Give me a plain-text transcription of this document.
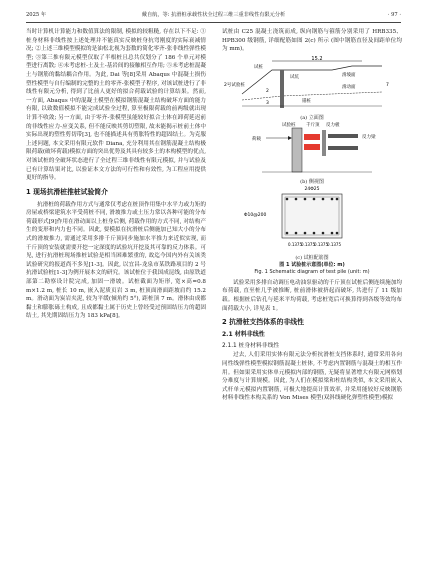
2025 年	戴自航，等: 抗滑桩承载性状全过程三维三重非线性有限元分析	· 97 ·

当时计算机计算能力和数值算法的限制, 模拟的较粗糙, 存在以下不足: ①桩身材料非线性按上述处理并不能真实反映桩身抗弯刚度的实际衰减情况; ②上述三维模型模拟的是油松北视为套数的简化零齐-张非线性弹性模型; ③第三推有限元模型仅取了半根桩且总共仅划分了 186 个单元对模型进行离散; ④未考虑桩-土及土-基岩间的接触相互作用; ⑤未考虑桩混凝土与钢筋的黏结耦合作用。为此, Dai 等[8]采用 Abaqus 中混凝土损伤塑性模型与自行编制的完整的土的零齐-张模型子程序, 对该试桩进行了非线性有限元分析, 得到了比前人更好的拟合荷载试验的计算结果。然而, 一方面, Abaqus 中的混凝土模型在模拟钢筋混凝土结构破坏方面的能力有限, 以致数值模拟不能完成试验全过程, 算至极限荷载的前两级就出现计算不收敛; 另一方面, 由于零齐-张模型虽能较好拟合土体在卸荷延迟前的非线性应力-应变关系, 但不能反映其剪切塑限, 故未能揭示桩前土体中实际出现的塑性剪切带[3], 也不能描述具有剪胀特性的超固结土。为克服上述问题, 本文采用有限元软件 Diana, 充分利用其在钢筋混凝土结构极限荷载(破坏荷载)模拟方面的突出优势及其具有较多土的本构模型的优点, 对该试桩的全破坏状态进行了全过程三维非线性有限元模拟, 并与试验及已有计算结果对比, 以验证本文方法的可行性和有效性, 为工程应用提供更好的指导。

1 现场抗滑桩推桩试验简介

抗滑桩的荷载作用方式与通常仅考虑在桩顶作用集中水平力或力矩的房屋或桥梁建筑水平受荷桩不同, 滑坡推力或土压力常以各种可能的分布荷载形式[9]作用在滑动面以上桩身后侧, 荷载作用的方式不同, 对结构产生的变形和内力也不同。因此, 要模拟在抗滑桩后侧施加已知大小的分布式的滑坡推力, 需通过采用多排千斤顶同步施加水平推力来近似实现, 而千斤顶的安装就需要开挖一定深度的试验坑开挖及其可靠的反力体系。可见, 进行抗滑桩现场推桩试验是相当困难繁重的, 故迄今国内外有关该类试验研究的报道尚不多见[1-3]。因此, 以宜昌-龙泉市某铁路项目的 2 号抗滑试验桩[1-3]为例开展本文的研究。该试桩位于我国成昆线, 由原铁道部第二勘察设计院完成, 加固一滑坡。试桩截面为矩形, 宽×高=0.8 m×1.2 m, 桩长 10 m, 嵌入泥质页岩 3 m, 桩顶面滑面距坡肩约 15.2 m。滑动面为炭岩夹泥, 较为平缓(倾角约 5°), 距桩顶 7 m。滑体由成都黏土和膨胀砾土构成, 且成都黏土属于历史上曾经受过预固结压力的超固结土, 其先期固结压力为 183 kPa[8]。

试桩由 C25 混凝土浇筑而成, 纵向钢筋与箍筋分别采用了 HRB335、HPB300 级钢筋, 详细配筋如图 2(c) 所示 (图中钢筋直径及间距单位均为 mm)。

15.2
试桩
滑坡面
滑动面
2号试验桩
试坑
锚桩
2
3
7
(a) 立面图
荷载
试验桩 千斤顶 反力板
反力梁
(b) 侧视图
24Φ25
Φ10@200
0.1375 0.1375 0.1375 0.1375
(c) 试桩配筋图
图 1 试验桩示意图(单位: m)
Fig. 1 Schematic diagram of test pile (unit: m)

试验采用多排自动调压电动油泵驱动的千斤顶在试桩后侧连续施加均布荷载, 直至桩几乎被推断, 桩前滑体被挤起而破坏, 共进行了 11 级加载。根据桩后钻孔与延米平均荷载, 考虑桩宽后可换算得到各级等效均布面荷载大小, 详见表 1。

2 抗滑桩支挡体系的非线性
2.1 材料非线性
2.1.1 桩身材料非线性

过去, 人们采用实体有限元法分析抗滑桩支挡体系时, 通常采用各向同性线弹性模型模拟钢筋混凝土桩体, 不考虑内置钢筋与混凝土的相互作用。但如果采用实体单元模拟内部的钢筋, 无疑将显著增大有限元网格划分难度与计算规模。因此, 为人们在模拟梁和柱结构类似, 本文采用嵌入式杆单元模拟内置钢筋, 可极大地提高计算效率, 并采用能较好反映钢筋材料非线性本构关系的 Von Mises 模型(双斜线硬化弹塑性模型)模拟
